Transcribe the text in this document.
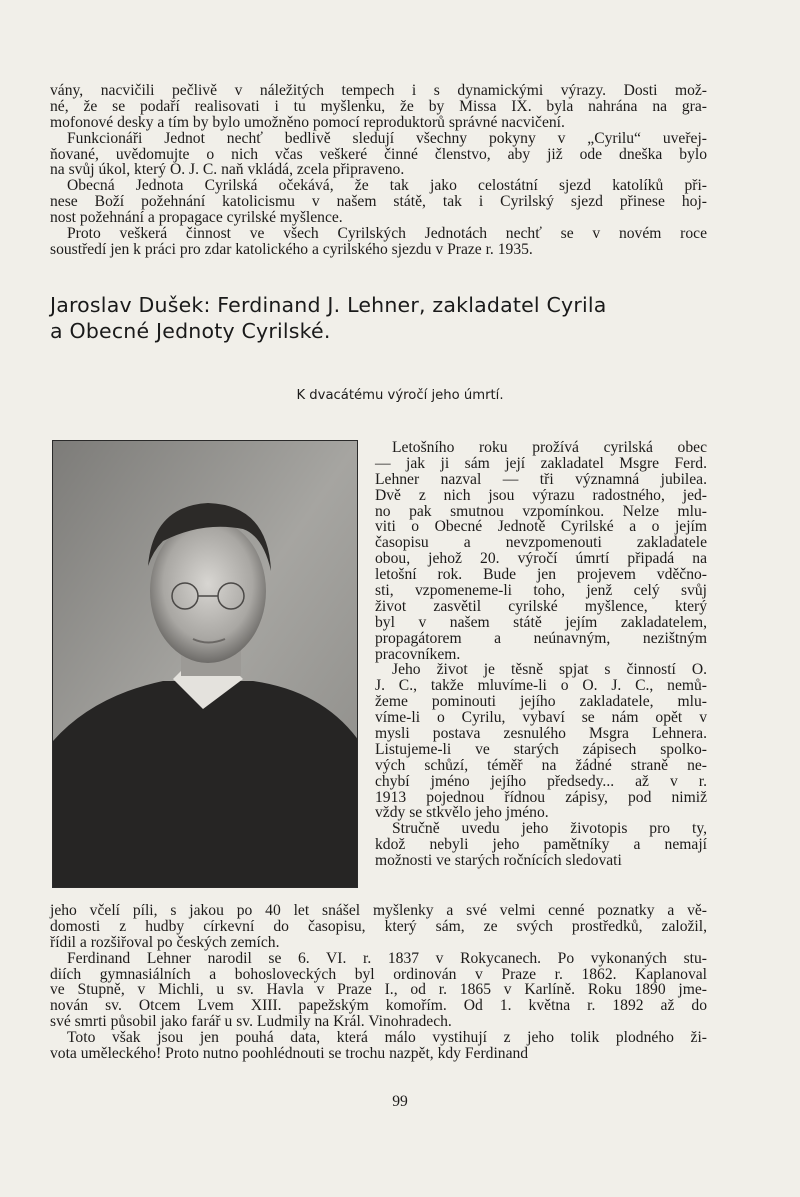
vány, nacvičili pečlivě v náležitých tempech i s dynamickými výrazy. Dosti mož-
né, že se podaří realisovati i tu myšlenku, že by Missa IX. byla nahrána na gra-
mofonové desky a tím by bylo umožněno pomocí reproduktorů správné nacvičení.
Funkcionáři Jednot nechť bedlivě sledují všechny pokyny v „Cyrilu“ uveřej-
ňované, uvědomujte o nich včas veškeré činné členstvo, aby již ode dneška bylo
na svůj úkol, který O. J. C. naň vkládá, zcela připraveno.
Obecná Jednota Cyrilská očekává, že tak jako celostátní sjezd katolíků při-
nese Boží požehnání katolicismu v našem státě, tak i Cyrilský sjezd přinese hoj-
nost požehnání a propagace cyrilské myšlence.
Proto veškerá činnost ve všech Cyrilských Jednotách nechť se v novém roce
soustředí jen k práci pro zdar katolického a cyrilského sjezdu v Praze r. 1935.
Jaroslav Dušek: Ferdinand J. Lehner, zakladatel Cyrila
a Obecné Jednoty Cyrilské.
K dvacátému výročí jeho úmrtí.
Letošního roku prožívá cyrilská obec
— jak ji sám její zakladatel Msgre Ferd.
Lehner nazval — tři významná jubilea.
Dvě z nich jsou výrazu radostného, jed-
no pak smutnou vzpomínkou. Nelze mlu-
viti o Obecné Jednotě Cyrilské a o jejím
časopisu a nevzpomenouti zakladatele
obou, jehož 20. výročí úmrtí připadá na
letošní rok. Bude jen projevem vděčno-
sti, vzpomeneme-li toho, jenž celý svůj
život zasvětil cyrilské myšlence, který
byl v našem státě jejím zakladatelem,
propagátorem a neúnavným, nezištným
pracovníkem.
Jeho život je těsně spjat s činností O.
J. C., takže mluvíme-li o O. J. C., nemů-
žeme pominouti jejího zakladatele, mlu-
víme-li o Cyrilu, vybaví se nám opět v
mysli postava zesnulého Msgra Lehnera.
Listujeme-li ve starých zápisech spolko-
vých schůzí, téměř na žádné straně ne-
chybí jméno jejího předsedy... až v r.
1913 pojednou řídnou zápisy, pod nimiž
vždy se stkvělo jeho jméno.
Stručně uvedu jeho životopis pro ty,
kdož nebyli jeho pamětníky a nemají
možnosti ve starých ročnících sledovati
jeho včelí píli, s jakou po 40 let snášel myšlenky a své velmi cenné poznatky a vě-
domosti z hudby církevní do časopisu, který sám, ze svých prostředků, založil,
řídil a rozšiřoval po českých zemích.
Ferdinand Lehner narodil se 6. VI. r. 1837 v Rokycanech. Po vykonaných stu-
diích gymnasiálních a bohosloveckých byl ordinován v Praze r. 1862. Kaplanoval
ve Stupně, v Michli, u sv. Havla v Praze I., od r. 1865 v Karlíně. Roku 1890 jme-
nován sv. Otcem Lvem XIII. papežským komořím. Od 1. května r. 1892 až do
své smrti působil jako farář u sv. Ludmily na Král. Vinohradech.
Toto však jsou jen pouhá data, která málo vystihují z jeho tolik plodného ži-
vota uměleckého! Proto nutno poohlédnouti se trochu nazpět, kdy Ferdinand
99
